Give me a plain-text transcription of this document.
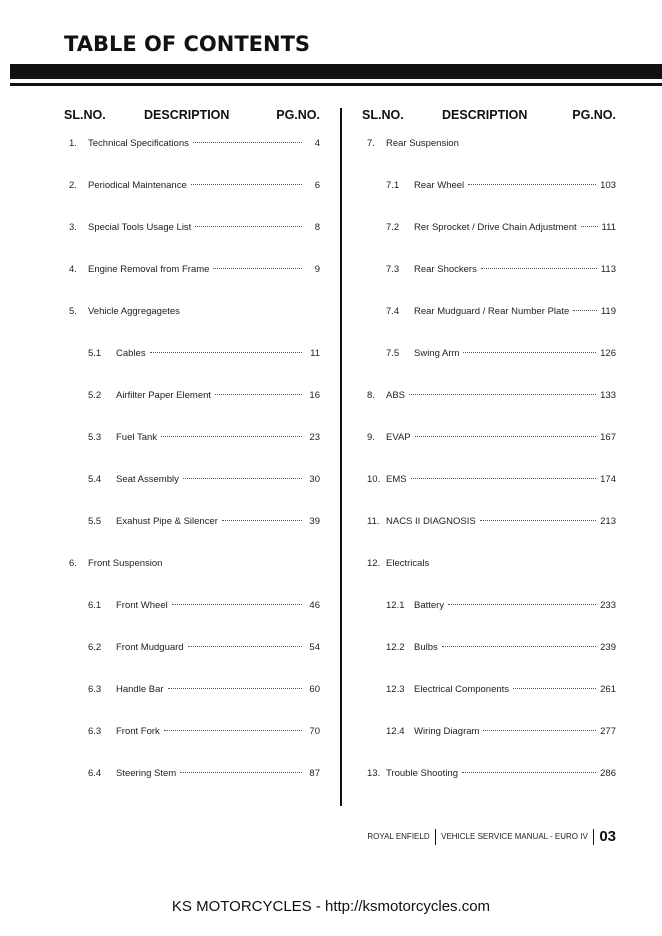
TABLE OF CONTENTS
SL.NO.	DESCRIPTION	PG.NO.
1. Technical Specifications	4
2. Periodical Maintenance	6
3. Special Tools Usage List	8
4. Engine Removal from Frame	9
5. Vehicle Aggregagetes
5.1 Cables	11
5.2 Airfilter Paper Element	16
5.3 Fuel Tank	23
5.4 Seat Assembly	30
5.5 Exahust Pipe & Silencer	39
6. Front Suspension
6.1 Front Wheel	46
6.2 Front Mudguard	54
6.3 Handle Bar	60
6.3 Front Fork	70
6.4 Steering Stem	87
SL.NO.	DESCRIPTION	PG.NO.
7. Rear Suspension
7.1 Rear Wheel	103
7.2 Rer Sprocket / Drive Chain Adjustment	111
7.3 Rear Shockers	113
7.4 Rear Mudguard / Rear Number Plate	119
7.5 Swing Arm	126
8. ABS	133
9. EVAP	167
10. EMS	174
11. NACS II DIAGNOSIS	213
12. Electricals
12.1 Battery	233
12.2 Bulbs	239
12.3 Electrical Components	261
12.4 Wiring Diagram	277
13. Trouble Shooting	286
ROYAL ENFIELD VEHICLE SERVICE MANUAL - EURO IV 03
KS MOTORCYCLES - http://ksmotorcycles.com
